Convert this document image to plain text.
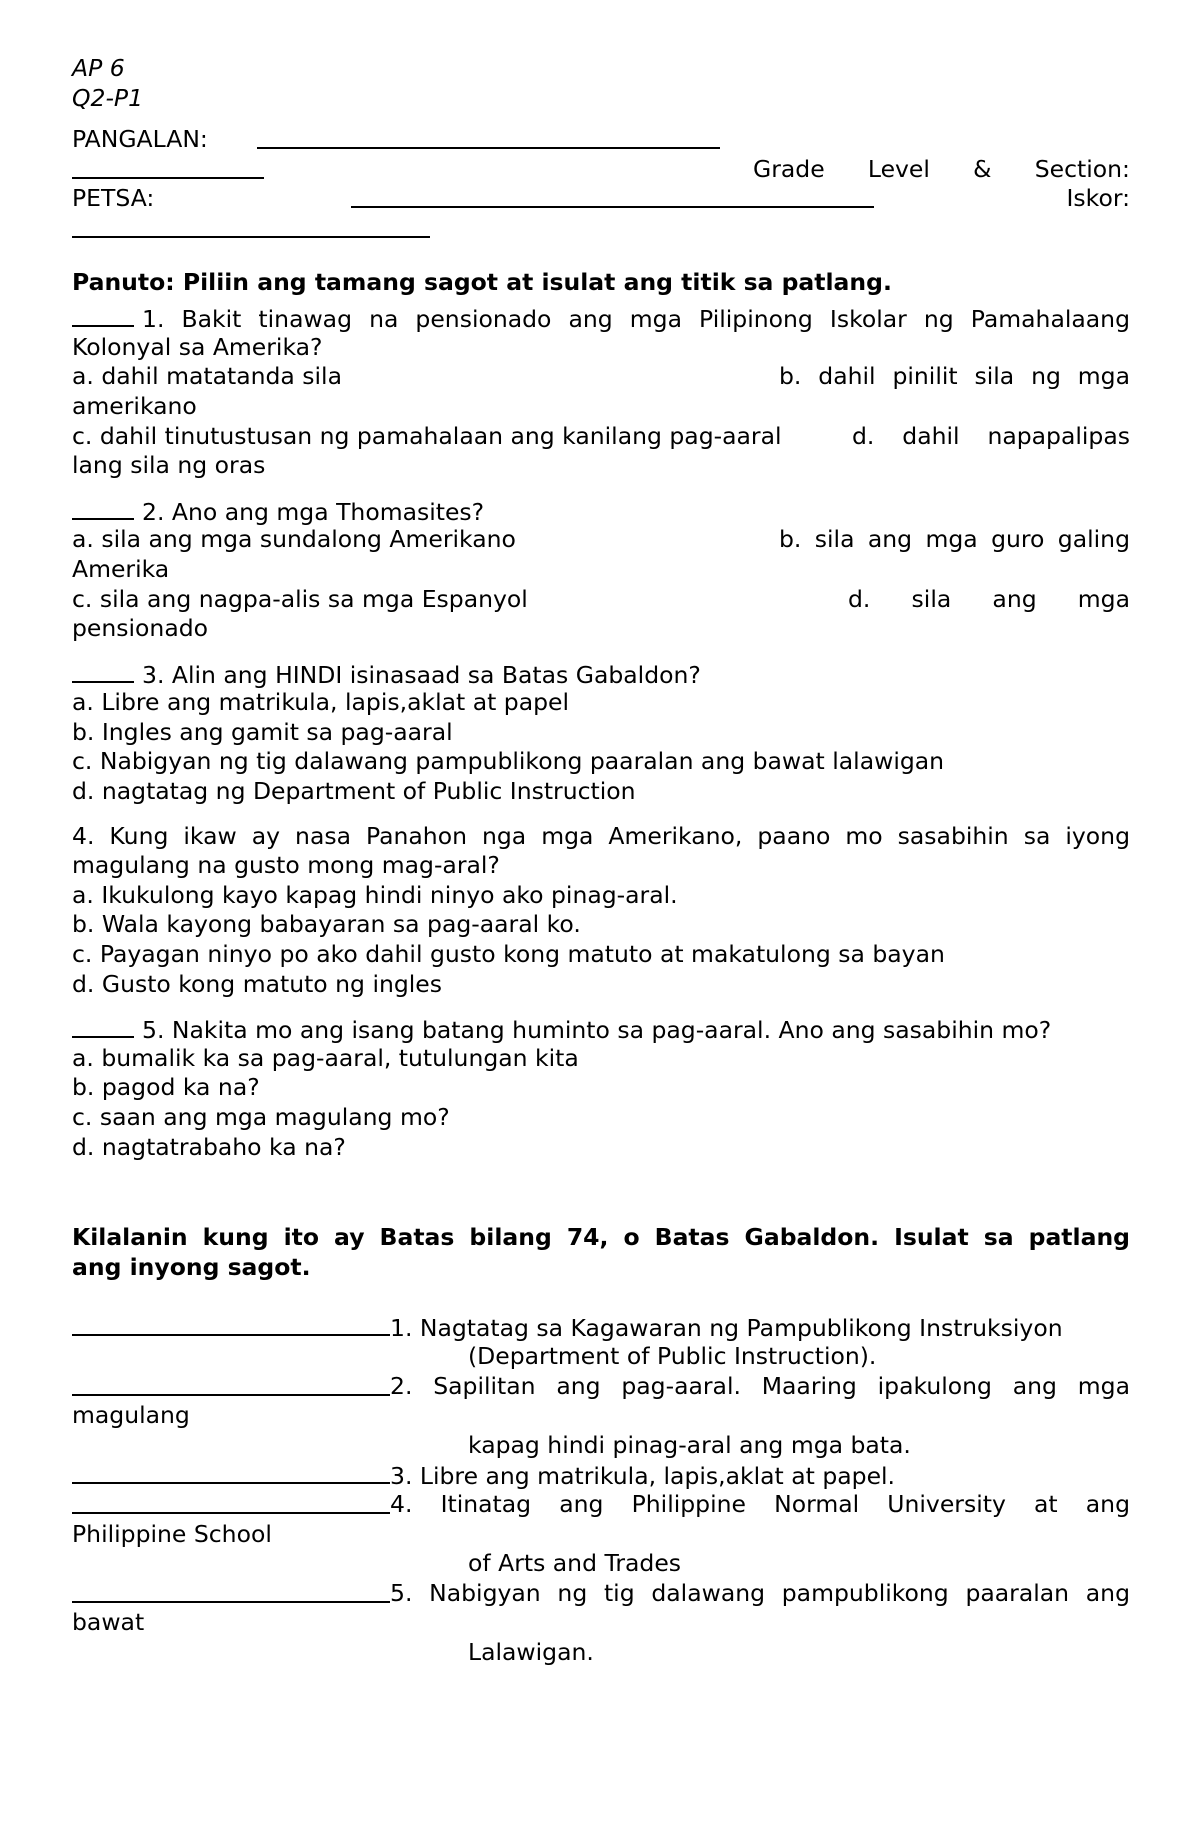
AP 6
Q2-P1
PANGALAN:
Grade Level & Section:
PETSA:	Iskor:
Panuto: Piliin ang tamang sagot at isulat ang titik sa patlang.
1. Bakit tinawag na pensionado ang mga Pilipinong Iskolar ng Pamahalaang
Kolonyal sa Amerika?
a. dahil matatanda sila	b. dahil pinilit sila ng mga
amerikano
c. dahil tinutustusan ng pamahalaan ang kanilang pag-aaral	d. dahil napapalipas
lang sila ng oras
2. Ano ang mga Thomasites?
a. sila ang mga sundalong Amerikano	b. sila ang mga guro galing
Amerika
c. sila ang nagpa-alis sa mga Espanyol	d. sila ang mga
pensionado
3. Alin ang HINDI isinasaad sa Batas Gabaldon?
a. Libre ang matrikula, lapis,aklat at papel
b. Ingles ang gamit sa pag-aaral
c. Nabigyan ng tig dalawang pampublikong paaralan ang bawat lalawigan
d. nagtatag ng Department of Public Instruction
4. Kung ikaw ay nasa Panahon nga mga Amerikano, paano mo sasabihin sa iyong
magulang na gusto mong mag-aral?
a. Ikukulong kayo kapag hindi ninyo ako pinag-aral.
b. Wala kayong babayaran sa pag-aaral ko.
c. Payagan ninyo po ako dahil gusto kong matuto at makatulong sa bayan
d. Gusto kong matuto ng ingles
5. Nakita mo ang isang batang huminto sa pag-aaral. Ano ang sasabihin mo?
a. bumalik ka sa pag-aaral, tutulungan kita
b. pagod ka na?
c. saan ang mga magulang mo?
d. nagtatrabaho ka na?
Kilalanin kung ito ay Batas bilang 74, o Batas Gabaldon. Isulat sa patlang
ang inyong sagot.
1. Nagtatag sa Kagawaran ng Pampublikong Instruksiyon
(Department of Public Instruction).
2. Sapilitan ang pag-aaral. Maaring ipakulong ang mga
magulang
kapag hindi pinag-aral ang mga bata.
3. Libre ang matrikula, lapis,aklat at papel.
4. Itinatag ang Philippine Normal University at ang
Philippine School
of Arts and Trades
5. Nabigyan ng tig dalawang pampublikong paaralan ang
bawat
Lalawigan.
